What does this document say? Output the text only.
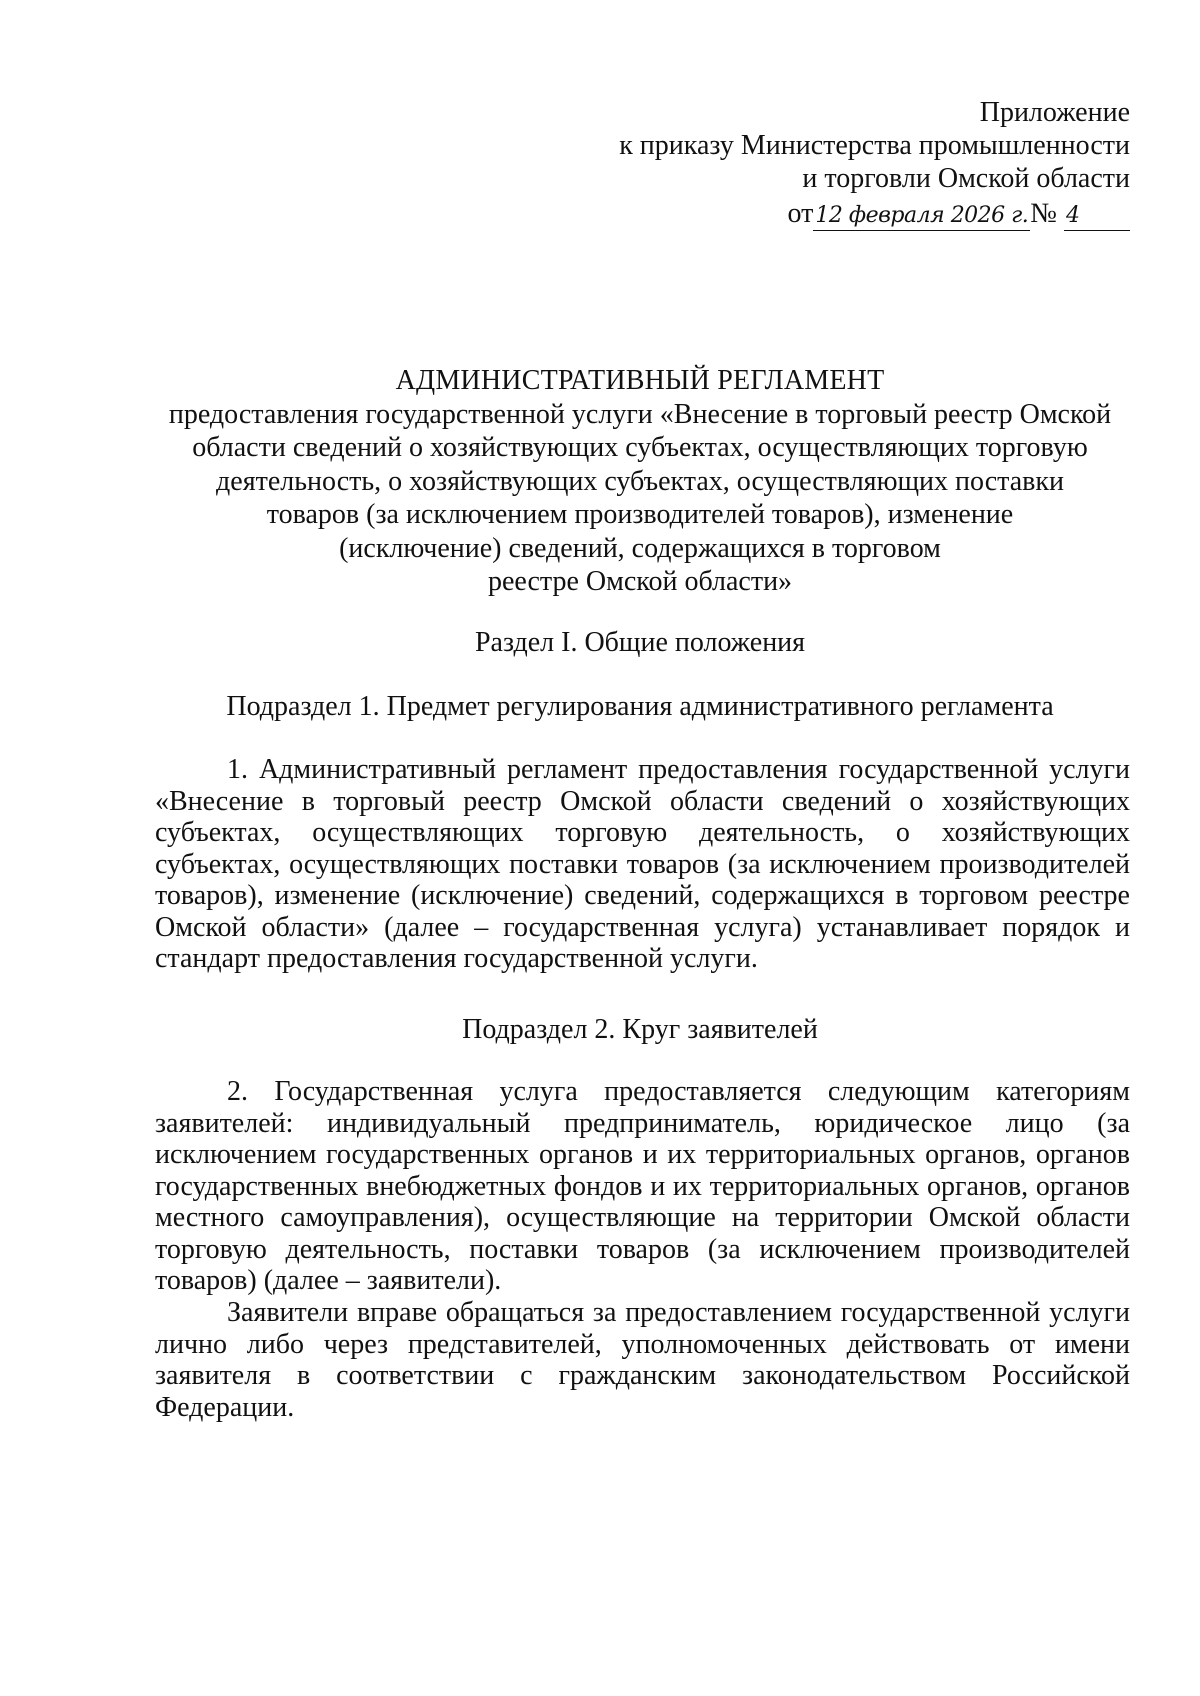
Приложение
к приказу Министерства промышленности
и торговли Омской области
от12 февраля 2026 г.№ 4
АДМИНИСТРАТИВНЫЙ РЕГЛАМЕНТ
предоставления государственной услуги «Внесение в торговый реестр Омской
области сведений о хозяйствующих субъектах, осуществляющих торговую
деятельность, о хозяйствующих субъектах, осуществляющих поставки
товаров (за исключением производителей товаров), изменение
(исключение) сведений, содержащихся в торговом
реестре Омской области»
Раздел I. Общие положения
Подраздел 1. Предмет регулирования административного регламента
1. Административный регламент предоставления государственной услуги «Внесение в торговый реестр Омской области сведений о хозяйствующих субъектах, осуществляющих торговую деятельность, о хозяйствующих субъектах, осуществляющих поставки товаров (за исключением производителей товаров), изменение (исключение) сведений, содержащихся в торговом реестре Омской области» (далее – государственная услуга) устанавливает порядок и стандарт предоставления государственной услуги.
Подраздел 2. Круг заявителей
2. Государственная услуга предоставляется следующим категориям заявителей: индивидуальный предприниматель, юридическое лицо (за исключением государственных органов и их территориальных органов, органов государственных внебюджетных фондов и их территориальных органов, органов местного самоуправления), осуществляющие на территории Омской области торговую деятельность, поставки товаров (за исключением производителей товаров) (далее – заявители).
Заявители вправе обращаться за предоставлением государственной услуги лично либо через представителей, уполномоченных действовать от имени заявителя в соответствии с гражданским законодательством Российской Федерации.
